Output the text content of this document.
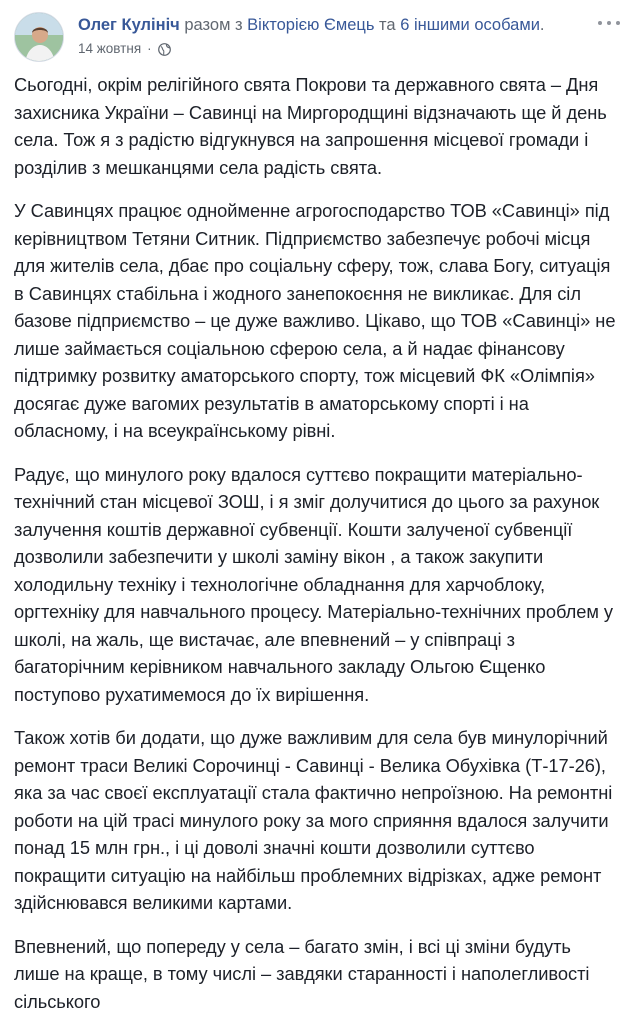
Олег Кулініч разом з Вікторією Ємець та 6 іншими особами.
14 жовтня ·

Сьогодні, окрім релігійного свята Покрови та державного свята – Дня захисника України – Савинці на Миргородщині відзначають ще й день села. Тож я з радістю відгукнувся на запрошення місцевої громади і розділив з мешканцями села радість свята.

У Савинцях працює однойменне агрогосподарство ТОВ «Савинці» під керівництвом Тетяни Ситник. Підприємство забезпечує робочі місця для жителів села, дбає про соціальну сферу, тож, слава Богу, ситуація в Савинцях стабільна і жодного занепокоєння не викликає. Для сіл базове підприємство – це дуже важливо. Цікаво, що ТОВ «Савинці» не лише займається соціальною сферою села, а й надає фінансову підтримку розвитку аматорського спорту, тож місцевий ФК «Олімпія» досягає дуже вагомих результатів в аматорському спорті і на обласному, і на всеукраїнському рівні.

Радує, що минулого року вдалося суттєво покращити матеріально-технічний стан місцевої ЗОШ, і я зміг долучитися до цього за рахунок залучення коштів державної субвенції. Кошти залученої субвенції дозволили забезпечити у школі заміну вікон , а також закупити холодильну техніку і технологічне обладнання для харчоблоку, оргтехніку для навчального процесу. Матеріально-технічних проблем у школі, на жаль, ще вистачає, але впевнений – у співпраці з багаторічним керівником навчального закладу Ольгою Єщенко поступово рухатимемося до їх вирішення.

Також хотів би додати, що дуже важливим для села був минулорічний ремонт траси Великі Сорочинці - Савинці - Велика Обухівка (Т-17-26), яка за час своєї експлуатації стала фактично непроїзною. На ремонтні роботи на цій трасі минулого року за мого сприяння вдалося залучити понад 15 млн грн., і ці доволі значні кошти дозволили суттєво покращити ситуацію на найбільш проблемних відрізках, адже ремонт здійснювався великими картами.

Впевнений, що попереду у села – багато змін, і всі ці зміни будуть лише на краще, в тому числі – завдяки старанності і наполегливості сільського
